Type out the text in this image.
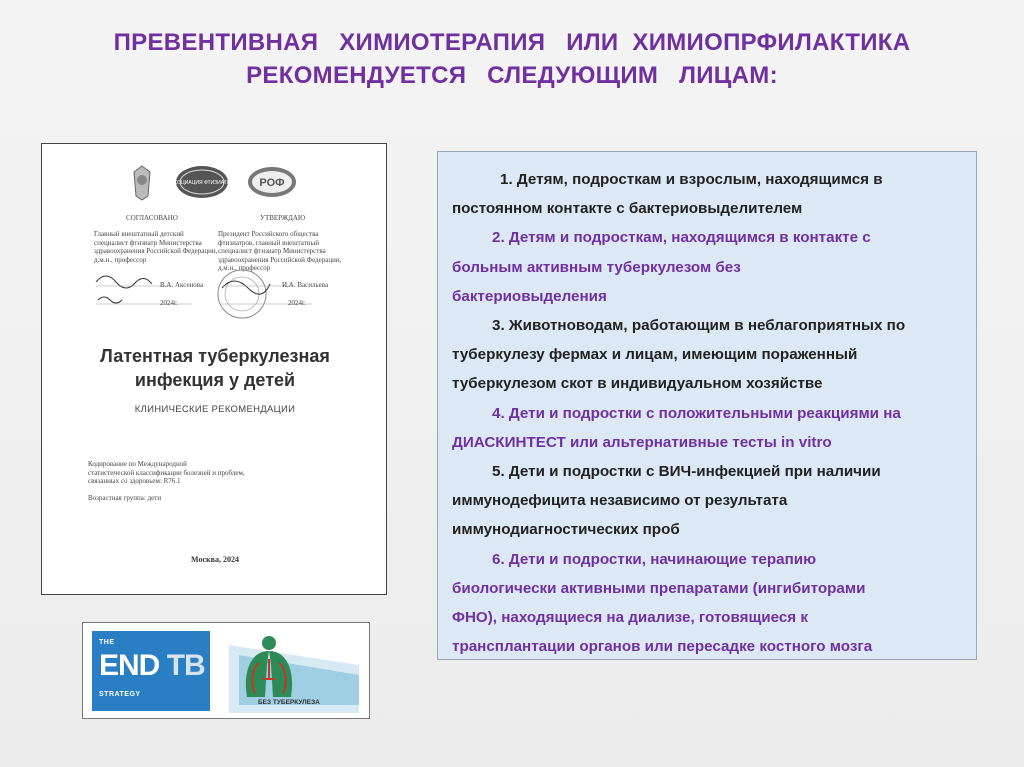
ПРЕВЕНТИВНАЯ   ХИМИОТЕРАПИЯ   ИЛИ  ХИМИОПРФИЛАКТИКА
РЕКОМЕНДУЕТСЯ   СЛЕДУЮЩИМ   ЛИЦАМ:
АССОЦИАЦИЯ ФТИЗИАТРОВ РОФ
СОГЛАСОВАНО	УТВЕРЖДАЮ
Главный внештатный детский
специалист фтизиатр Министерства
здравоохранения Российской Федерации,
д.м.н., профессор
Президент Российского общества
фтизиатров, главный внештатный
специалист фтизиатр Министерства
здравоохранения Российской Федерации,
д.м.н., профессор
В.А. Аксенова
2024г.
И.А. Васильева
2024г.
Латентная туберкулезная
инфекция у детей
КЛИНИЧЕСКИЕ РЕКОМЕНДАЦИИ
Кодирование по Международной
статистической классификации болезней и проблем,
связанных со здоровьем: R76.1
Возрастная группа: дети
Москва, 2024
THE
END TB
STRATEGY
БЕЗ ТУБЕРКУЛЕЗА
1. Детям, подросткам и взрослым, находящимся в
постоянном контакте с бактериовыделителем
2. Детям и подросткам, находящимся в контакте с
больным активным туберкулезом без
бактериовыделения
3. Животноводам, работающим в неблагоприятных по
туберкулезу фермах и лицам, имеющим пораженный
туберкулезом скот в индивидуальном хозяйстве
4. Дети и подростки с положительными реакциями на
ДИАСКИНТЕСТ или альтернативные тесты in vitro
5. Дети и подростки с ВИЧ-инфекцией при наличии
иммунодефицита независимо от результата
иммунодиагностических проб
6. Дети и подростки, начинающие терапию
биологически активными препаратами (ингибиторами
ФНО), находящиеся на диализе, готовящиеся к
трансплантации органов или пересадке костного мозга
